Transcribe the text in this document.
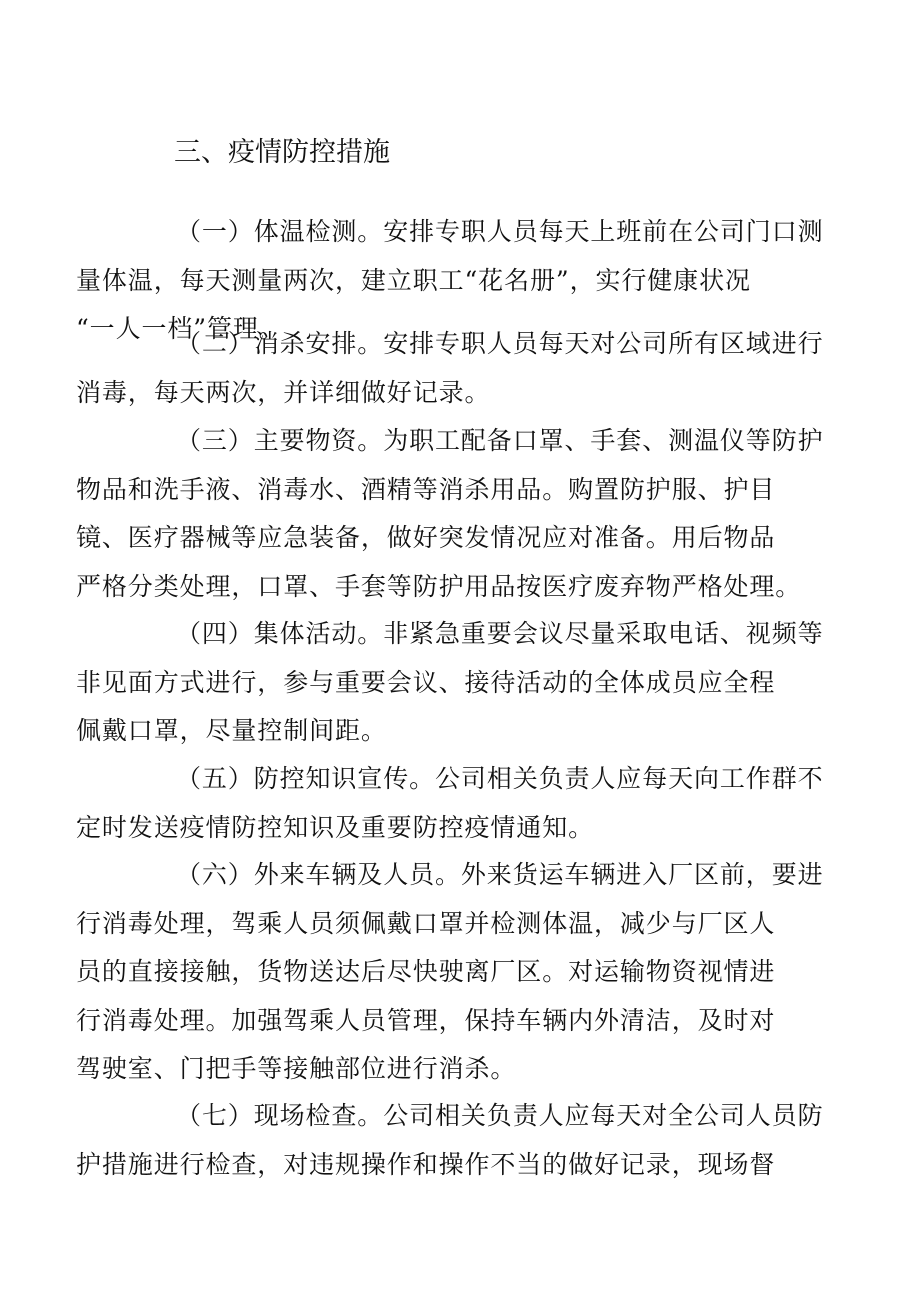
三、疫情防控措施
（一）体温检测。安排专职人员每天上班前在公司门口测
量体温，每天测量两次，建立职工“花名册”，实行健康状况
“一人一档”管理。
（二）消杀安排。安排专职人员每天对公司所有区域进行
消毒，每天两次，并详细做好记录。
（三）主要物资。为职工配备口罩、手套、测温仪等防护
物品和洗手液、消毒水、酒精等消杀用品。购置防护服、护目
镜、医疗器械等应急装备，做好突发情况应对准备。用后物品
严格分类处理，口罩、手套等防护用品按医疗废弃物严格处理。
（四）集体活动。非紧急重要会议尽量采取电话、视频等
非见面方式进行，参与重要会议、接待活动的全体成员应全程
佩戴口罩，尽量控制间距。
（五）防控知识宣传。公司相关负责人应每天向工作群不
定时发送疫情防控知识及重要防控疫情通知。
（六）外来车辆及人员。外来货运车辆进入厂区前，要进
行消毒处理，驾乘人员须佩戴口罩并检测体温，减少与厂区人
员的直接接触，货物送达后尽快驶离厂区。对运输物资视情进
行消毒处理。加强驾乘人员管理，保持车辆内外清洁，及时对
驾驶室、门把手等接触部位进行消杀。
（七）现场检查。公司相关负责人应每天对全公司人员防
护措施进行检查，对违规操作和操作不当的做好记录，现场督
